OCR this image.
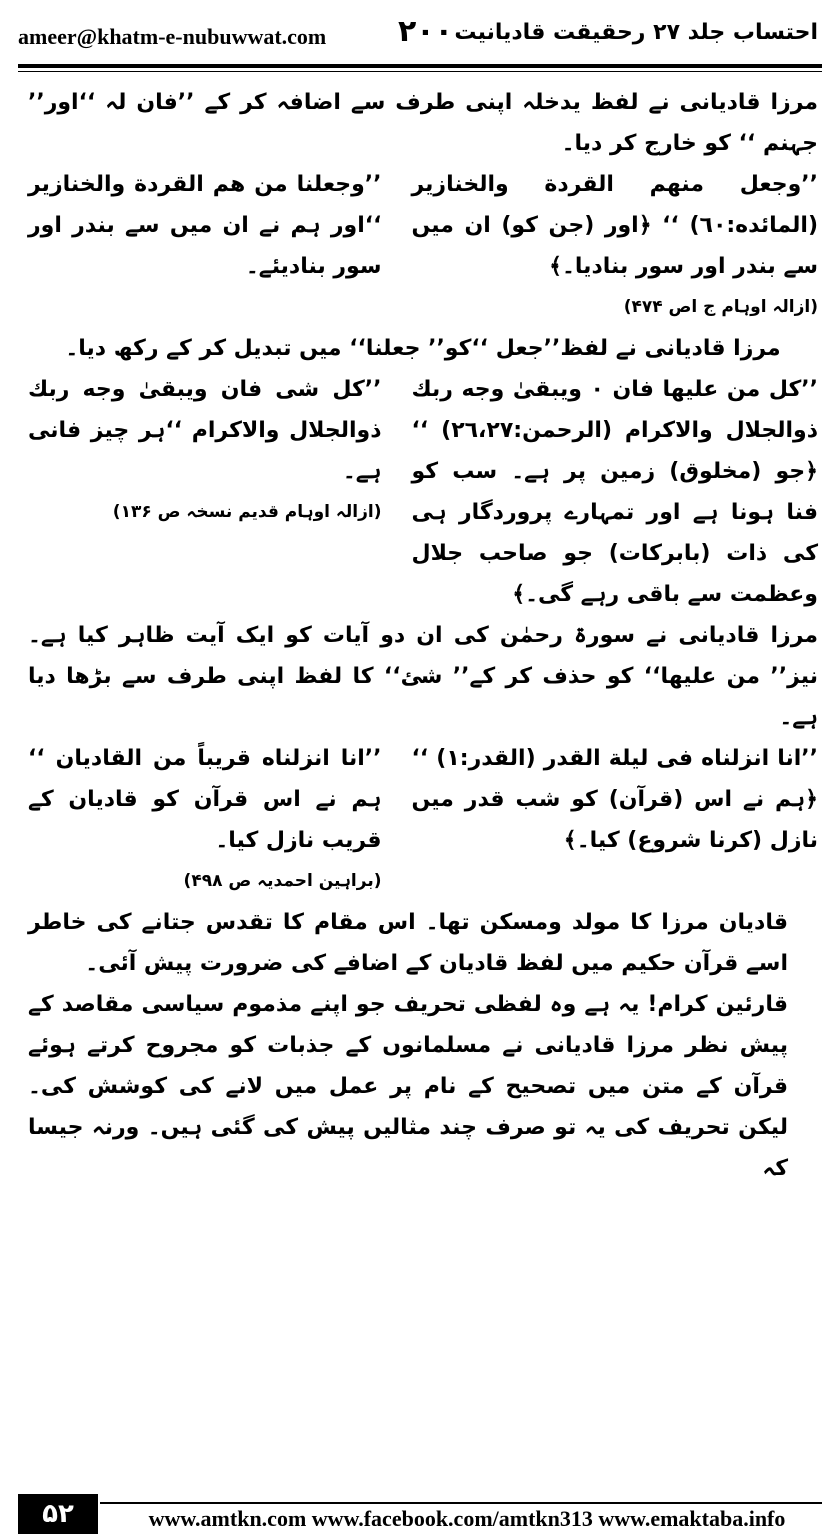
ameer@khatm-e-nubuwwat.com ۲۰۰ احتساب جلد ۲۷ رحقیقت قادیانیت

مرزا قادیانی نے لفظ یدخلہ اپنی طرف سے اضافہ کر کے ’’فان لہ ‘‘اور’’ جہنم ‘‘ کو خارج کر دیا۔

’’وجعل منهم القردة والخنازير (المائده:٦٠) ‘‘ ﴿اور (جن کو) ان میں سے بندر اور سور بنادیا۔﴾

’’وجعلنا من هم القردة والخنازير ‘‘اور ہم نے ان میں سے بندر اور سور بنادیئے۔

(ازالہ اوہام ج اص ۴۷۴)

مرزا قادیانی نے لفظ’’جعل ‘‘کو’’ جعلنا‘‘ میں تبدیل کر کے رکھ دیا۔

’’کل من علیها فان ۰ ویبقیٰ وجه ربك ذوالجلال والاکرام (الرحمن:٢٦،٢٧) ‘‘ ﴿جو (مخلوق) زمین پر ہے۔ سب کو فنا ہونا ہے اور تمہارے پروردگار ہی کی ذات (بابرکات) جو صاحب جلال وعظمت سے باقی رہے گی۔﴾

’’کل شی فان ویبقیٰ وجه ربك ذوالجلال والاکرام ‘‘ہر چیز فانی ہے۔

(ازالہ اوہام قدیم نسخہ ص ۱۳۶)

مرزا قادیانی نے سورۃ رحمٰن کی ان دو آیات کو ایک آیت ظاہر کیا ہے۔ نیز’’ من علیها‘‘ کو حذف کر کے’’ شئ‘‘ کا لفظ اپنی طرف سے بڑھا دیا ہے۔

’’انا انزلناه فی لیلة القدر (القدر:١) ‘‘ ﴿ہم نے اس (قرآن) کو شب قدر میں نازل (کرنا شروع) کیا۔﴾

’’انا انزلناه قریباً من القادیان ‘‘ ہم نے اس قرآن کو قادیان کے قریب نازل کیا۔

(براہین احمدیہ ص ۴۹۸)

قادیان مرزا کا مولد ومسکن تھا۔ اس مقام کا تقدس جتانے کی خاطر اسے قرآن حکیم میں لفظ قادیان کے اضافے کی ضرورت پیش آئی۔

قارئین کرام! یہ ہے وہ لفظی تحریف جو اپنے مذموم سیاسی مقاصد کے پیش نظر مرزا قادیانی نے مسلمانوں کے جذبات کو مجروح کرتے ہوئے قرآن کے متن میں تصحیح کے نام پر عمل میں لانے کی کوشش کی۔ لیکن تحریف کی یہ تو صرف چند مثالیں پیش کی گئی ہیں۔ ورنہ جیسا کہ

۵۲	www.amtkn.com www.facebook.com/amtkn313 www.emaktaba.info
